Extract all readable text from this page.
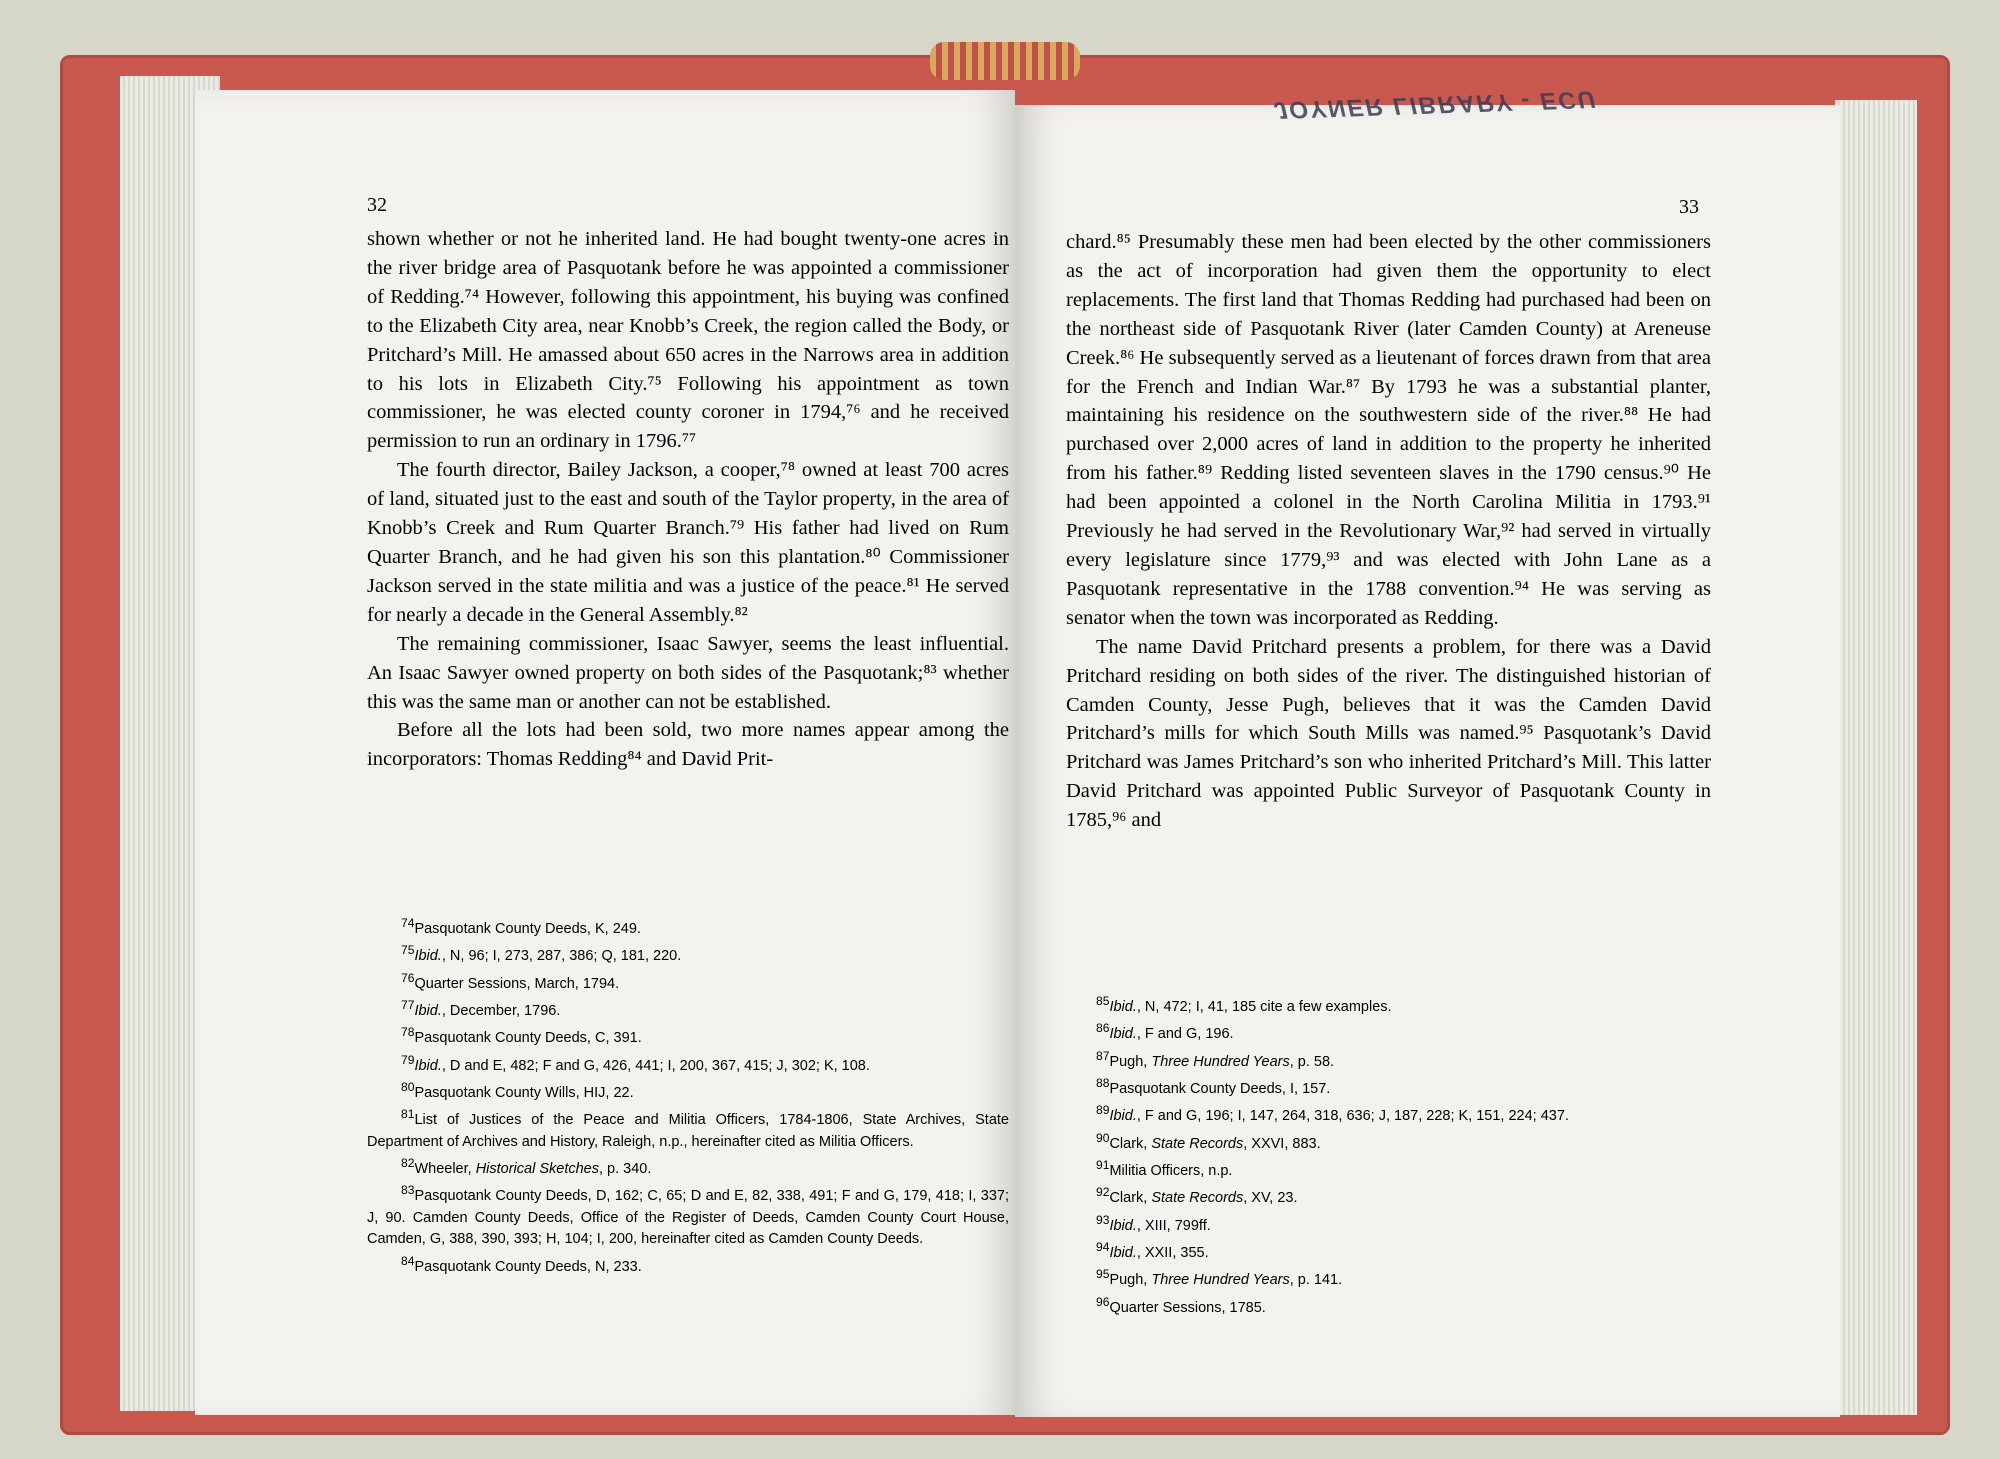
JOYNER LIBRARY - ECU
32

shown whether or not he inherited land. He had bought twenty-one acres in the river bridge area of Pasquotank before he was appointed a commissioner of Redding.⁷⁴ However, following this appointment, his buying was confined to the Elizabeth City area, near Knobb’s Creek, the region called the Body, or Pritchard’s Mill. He amassed about 650 acres in the Narrows area in addition to his lots in Elizabeth City.⁷⁵ Following his appointment as town commissioner, he was elected county coroner in 1794,⁷⁶ and he received permission to run an ordinary in 1796.⁷⁷

The fourth director, Bailey Jackson, a cooper,⁷⁸ owned at least 700 acres of land, situated just to the east and south of the Taylor property, in the area of Knobb’s Creek and Rum Quarter Branch.⁷⁹ His father had lived on Rum Quarter Branch, and he had given his son this plantation.⁸⁰ Commissioner Jackson served in the state militia and was a justice of the peace.⁸¹ He served for nearly a decade in the General Assembly.⁸²

The remaining commissioner, Isaac Sawyer, seems the least influential. An Isaac Sawyer owned property on both sides of the Pasquotank;⁸³ whether this was the same man or another can not be established.

Before all the lots had been sold, two more names appear among the incorporators: Thomas Redding⁸⁴ and David Prit-

$^{74}$Pasquotank County Deeds, K, 249.
$^{75}$Ibid., N, 96; I, 273, 287, 386; Q, 181, 220.
$^{76}$Quarter Sessions, March, 1794.
$^{77}$Ibid., December, 1796.
$^{78}$Pasquotank County Deeds, C, 391.
$^{79}$Ibid., D and E, 482; F and G, 426, 441; I, 200, 367, 415; J, 302; K, 108.
$^{80}$Pasquotank County Wills, HIJ, 22.
$^{81}$List of Justices of the Peace and Militia Officers, 1784-1806, State Archives, State Department of Archives and History, Raleigh, n.p., hereinafter cited as Militia Officers.
$^{82}$Wheeler, Historical Sketches, p. 340.
$^{83}$Pasquotank County Deeds, D, 162; C, 65; D and E, 82, 338, 491; F and G, 179, 418; I, 337; J, 90. Camden County Deeds, Office of the Register of Deeds, Camden County Court House, Camden, G, 388, 390, 393; H, 104; I, 200, hereinafter cited as Camden County Deeds.
$^{84}$Pasquotank County Deeds, N, 233.
33

chard.⁸⁵ Presumably these men had been elected by the other commissioners as the act of incorporation had given them the opportunity to elect replacements. The first land that Thomas Redding had purchased had been on the northeast side of Pasquotank River (later Camden County) at Areneuse Creek.⁸⁶ He subsequently served as a lieutenant of forces drawn from that area for the French and Indian War.⁸⁷ By 1793 he was a substantial planter, maintaining his residence on the southwestern side of the river.⁸⁸ He had purchased over 2,000 acres of land in addition to the property he inherited from his father.⁸⁹ Redding listed seventeen slaves in the 1790 census.⁹⁰ He had been appointed a colonel in the North Carolina Militia in 1793.⁹¹ Previously he had served in the Revolutionary War,⁹² had served in virtually every legislature since 1779,⁹³ and was elected with John Lane as a Pasquotank representative in the 1788 convention.⁹⁴ He was serving as senator when the town was incorporated as Redding.

The name David Pritchard presents a problem, for there was a David Pritchard residing on both sides of the river. The distinguished historian of Camden County, Jesse Pugh, believes that it was the Camden David Pritchard’s mills for which South Mills was named.⁹⁵ Pasquotank’s David Pritchard was James Pritchard’s son who inherited Pritchard’s Mill. This latter David Pritchard was appointed Public Surveyor of Pasquotank County in 1785,⁹⁶ and

$^{85}$Ibid., N, 472; I, 41, 185 cite a few examples.
$^{86}$Ibid., F and G, 196.
$^{87}$Pugh, Three Hundred Years, p. 58.
$^{88}$Pasquotank County Deeds, I, 157.
$^{89}$Ibid., F and G, 196; I, 147, 264, 318, 636; J, 187, 228; K, 151, 224; 437.
$^{90}$Clark, State Records, XXVI, 883.
$^{91}$Militia Officers, n.p.
$^{92}$Clark, State Records, XV, 23.
$^{93}$Ibid., XIII, 799ff.
$^{94}$Ibid., XXII, 355.
$^{95}$Pugh, Three Hundred Years, p. 141.
$^{96}$Quarter Sessions, 1785.
